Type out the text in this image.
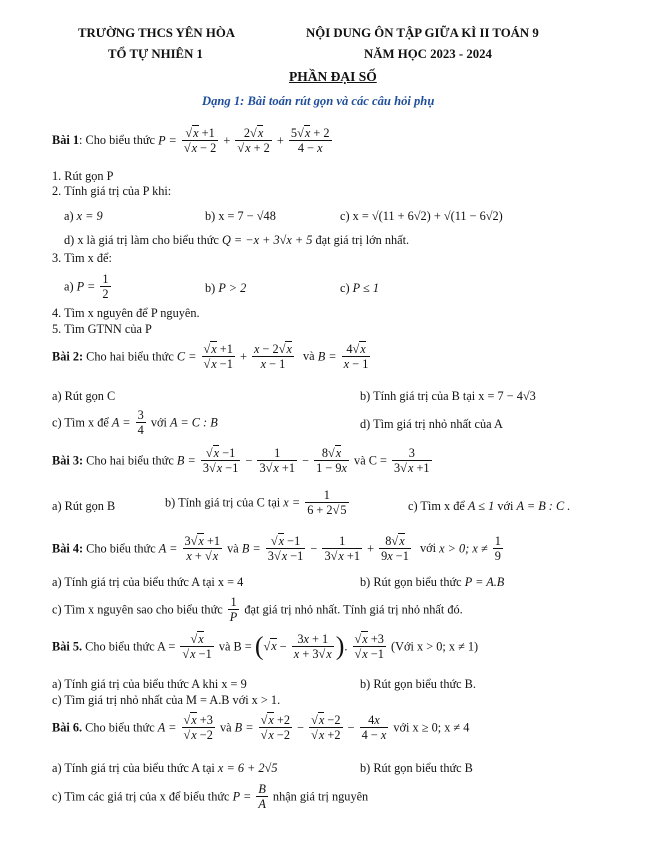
TRƯỜNG THCS YÊN HÒA
TỔ TỰ NHIÊN 1
NỘI DUNG ÔN TẬP GIỮA KÌ II TOÁN 9
NĂM HỌC 2023 - 2024
PHẦN ĐẠI SỐ
Dạng 1: Bài toán rút gọn và các câu hỏi phụ
Bài 1: Cho biểu thức $P = \frac{√x +1}{√x - 2} + \frac{2√x}{√x + 2} + \frac{5√x + 2}{4 - x}$
1. Rút gọn P
2. Tính giá trị của P khi:
a) x = 9	b) x = 7 − √48	c) x = √(11 + 6√2) + √(11 − 6√2)
d) x là giá trị làm cho biểu thức Q = −x + 3√x + 5 đạt giá trị lớn nhất.
3. Tìm x để:
a) $P = \frac{1}{2}$	b) P > 2	c) P ≤ 1
4. Tìm x nguyên để P nguyên.
5. Tìm GTNN của P
Bài 2: Cho hai biểu thức $C = \frac{√x +1}{√x -1} + \frac{x - 2√x}{x - 1}$ và $B = \frac{4√x}{x - 1}$
a) Rút gọn C	b) Tính giá trị của B tại x = 7 − 4√3
c) Tìm x để $A = \frac{3}{4}$ với A = C : B	d) Tìm giá trị nhỏ nhất của A
Bài 3: Cho hai biểu thức $B = \frac{√x -1}{3√x -1} - \frac{1}{3√x +1} - \frac{8√x}{1 - 9x}$ và $C = \frac{3}{3√x +1}$
a) Rút gọn B	b) Tính giá trị của C tại $x = \frac{1}{6 + 2√5}$	c) Tìm x để A ≤ 1 với A = B : C .
Bài 4: Cho biểu thức $A = \frac{3√x +1}{x + √x}$ và $B = \frac{√x -1}{3√x -1} - \frac{1}{3√x +1} + \frac{8√x}{9x -1}$ với x > 0; $x \ne \frac{1}{9}$
a) Tính giá trị của biểu thức A tại x = 4	b) Rút gọn biểu thức P = A.B
c) Tìm x nguyên sao cho biểu thức $\frac{1}{P}$ đạt giá trị nhỏ nhất. Tính giá trị nhỏ nhất đó.
Bài 5. Cho biểu thức $A = \frac{√x}{√x -1}$ và $B = (√x - \frac{3x + 1}{x + 3√x}$ ). $\frac{√x +3}{√x -1}$ (Với x > 0; x ≠ 1)
a) Tính giá trị của biểu thức A khi x = 9	b) Rút gọn biểu thức B.
c) Tìm giá trị nhỏ nhất của M = A.B với x > 1.
Bài 6. Cho biểu thức $A = \frac{√x +3}{√x -2}$ và $B = \frac{√x +2}{√x -2} - \frac{√x -2}{√x +2} - \frac{4x}{4 - x}$ với x ≥ 0; x ≠ 4
a) Tính giá trị của biểu thức A tại x = 6 + 2√5	b) Rút gọn biểu thức B
c) Tìm các giá trị của x để biểu thức $P = \frac{B}{A}$ nhận giá trị nguyên
